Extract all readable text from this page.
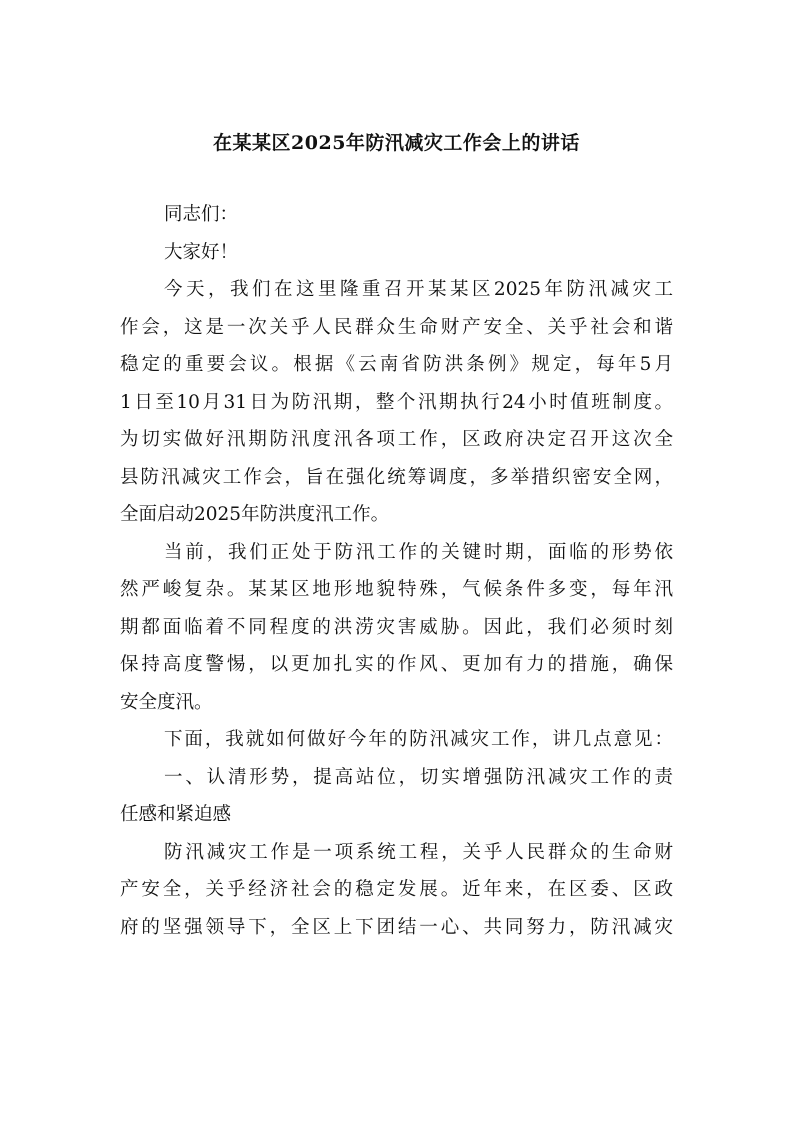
在某某区2025年防汛减灾工作会上的讲话
同志们：
大家好！
今天，我们在这里隆重召开某某区2025年防汛减灾工
作会，这是一次关乎人民群众生命财产安全、关乎社会和谐
稳定的重要会议。根据《云南省防洪条例》规定，每年5月
1日至10月31日为防汛期，整个汛期执行24小时值班制度。
为切实做好汛期防汛度汛各项工作，区政府决定召开这次全
县防汛减灾工作会，旨在强化统筹调度，多举措织密安全网，
全面启动2025年防洪度汛工作。
当前，我们正处于防汛工作的关键时期，面临的形势依
然严峻复杂。某某区地形地貌特殊，气候条件多变，每年汛
期都面临着不同程度的洪涝灾害威胁。因此，我们必须时刻
保持高度警惕，以更加扎实的作风、更加有力的措施，确保
安全度汛。
下面，我就如何做好今年的防汛减灾工作，讲几点意见：
一、认清形势，提高站位，切实增强防汛减灾工作的责
任感和紧迫感
防汛减灾工作是一项系统工程，关乎人民群众的生命财
产安全，关乎经济社会的稳定发展。近年来，在区委、区政
府的坚强领导下，全区上下团结一心、共同努力，防汛减灾
